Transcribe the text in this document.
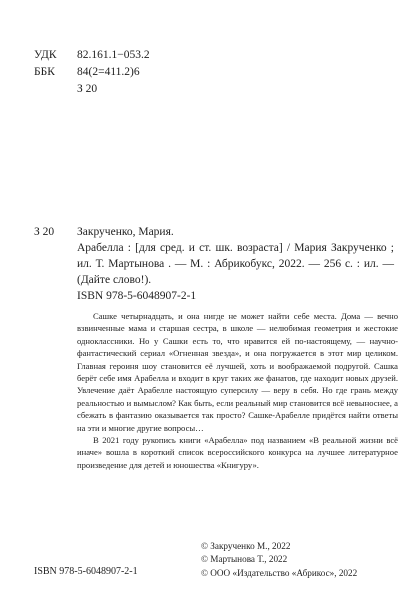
УДК	82.161.1−053.2
ББК	84(2=411.2)6
З 20
З 20	Закрученко, Мария.

Арабелла : [для сред. и ст. шк. возраста] / Мария Закрученко ; ил. Т. Мартынова . — М. : Абрикобукс, 2022. — 256 с. : ил. — (Дайте слово!).

ISBN 978-5-6048907-2-1

Сашке четырнадцать, и она нигде не может найти себе места. Дома — вечно взвинченные мама и старшая сестра, в школе — нелюбимая геометрия и жестокие одноклассники. Но у Сашки есть то, что нравится ей по-настоящему, — научно-фантастический сериал «Огненная звезда», и она погружается в этот мир целиком. Главная героиня шоу становится её лучшей, хоть и воображаемой подругой. Сашка берёт себе имя Арабелла и входит в круг таких же фанатов, где находит новых друзей. Увлечение даёт Арабелле настоящую суперсилу — веру в себя. Но где грань между реальностью и вымыслом? Как быть, если реальный мир становится всё невыноснее, а сбежать в фантазию оказывается так просто? Сашке-Арабелле придётся найти ответы на эти и многие другие вопросы…

В 2021 году рукопись книги «Арабелла» под названием «В реальной жизни всё иначе» вошла в короткий список всероссийского конкурса на лучшее литературное произведение для детей и юношества «Книгуру».

ISBN 978-5-6048907-2-1
© Закрученко М., 2022
© Мартынова Т., 2022
© ООО «Издательство «Абрикос», 2022
